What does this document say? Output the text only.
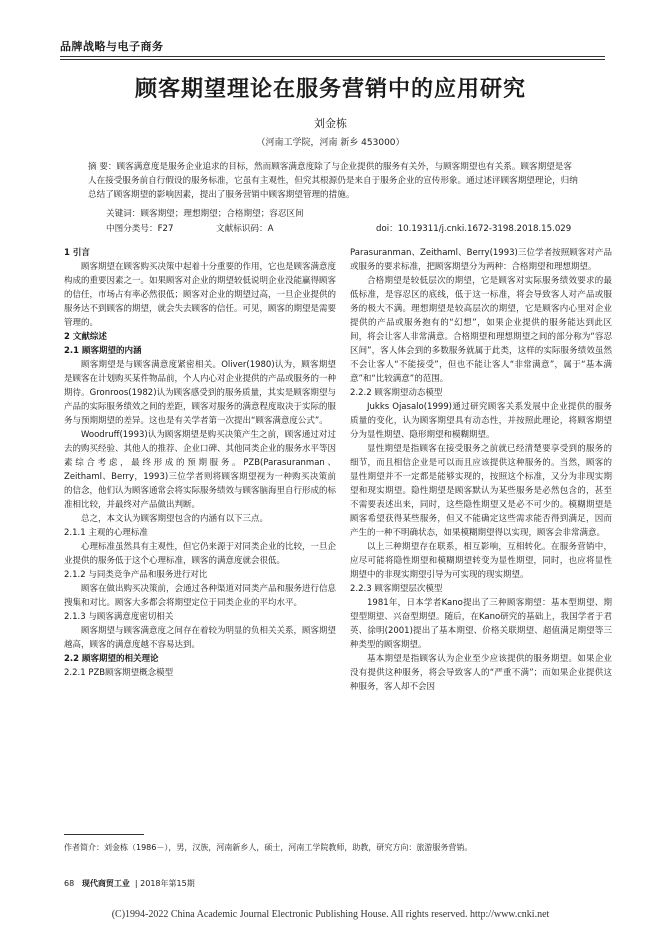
品牌战略与电子商务
顾客期望理论在服务营销中的应用研究
刘金栋
（河南工学院，河南 新乡 453000）
摘 要：顾客满意度是服务企业追求的目标，然而顾客满意度除了与企业提供的服务有关外，与顾客期望也有关系。顾客期望是客人在接受服务前自行假设的服务标准，它虽有主观性，但究其根源仍是来自于服务企业的宣传形象。通过述评顾客期望理论，归纳总结了顾客期望的影响因素，提出了服务营销中顾客期望管理的措施。
关键词：顾客期望；理想期望；合格期望；容忍区间
中图分类号：F27	文献标识码：A	doi：10.19311/j.cnki.1672-3198.2018.15.029

1 引言

顾客期望在顾客购买决策中起着十分重要的作用，它也是顾客满意度构成的重要因素之一。如果顾客对企业的期望较低说明企业没能赢得顾客的信任，市场占有率必然很低；顾客对企业的期望过高，一旦企业提供的服务达不到顾客的期望，就会失去顾客的信任。可见，顾客的期望是需要管理的。

2 文献综述

2.1 顾客期望的内涵

顾客期望是与顾客满意度紧密相关。Oliver(1980)认为，顾客期望是顾客在计划购买某件物品前，个人内心对企业提供的产品或服务的一种期待。Gronroos(1982)认为顾客感受到的服务质量，其实是顾客期望与产品的实际服务绩效之间的差距，顾客对服务的满意程度取决于实际的服务与预期期望的差异。这也是有关学者第一次提出“顾客满意度公式”。

Woodruff(1993)认为顾客期望是购买决策产生之前，顾客通过对过去的购买经验、其他人的推荐、企业口碑、其他同类企业的服务水平等因素综合考虑，最终形成的预期服务。PZB(Parasuranman、Zeithaml、Berry，1993)三位学者则将顾客期望视为一种购买决策前的信念，他们认为顾客通常会将实际服务绩效与顾客脑海里自行形成的标准相比较，并最终对产品做出判断。

总之，本文认为顾客期望包含的内涵有以下三点。

2.1.1 主观的心理标准

心理标准虽然具有主观性，但它仍来源于对同类企业的比较，一旦企业提供的服务低于这个心理标准，顾客的满意度就会很低。

2.1.2 与同类竞争产品和服务进行对比

顾客在做出购买决策前，会通过各种渠道对同类产品和服务进行信息搜集和对比。顾客大多都会将期望定位于同类企业的平均水平。

2.1.3 与顾客满意度密切相关

顾客期望与顾客满意度之间存在着较为明显的负相关关系，顾客期望越高，顾客的满意度越不容易达到。

2.2 顾客期望的相关理论

2.2.1 PZB顾客期望概念模型

Parasuranman、Zeithaml、Berry(1993)三位学者按照顾客对产品或服务的要求标准，把顾客期望分为两种：合格期望和理想期望。

合格期望是较低层次的期望，它是顾客对实际服务绩效要求的最低标准，是容忍区的底线，低于这一标准，将会导致客人对产品或服务的极大不满。理想期望是较高层次的期望，它是顾客内心里对企业提供的产品或服务抱有的“幻想”，如果企业提供的服务能达到此区间，将会让客人非常满意。合格期望和理想期望之间的部分称为“容忍区间”，客人体会到的多数服务就属于此类，这样的实际服务绩效虽然不会让客人“不能接受”，但也不能让客人“非常满意”，属于“基本满意”和“比较满意”的范围。

2.2.2 顾客期望动态模型

Jukks Ojasalo(1999)通过研究顾客关系发展中企业提供的服务质量的变化，认为顾客期望具有动态性，并按照此理论，将顾客期望分为显性期望、隐形期望和模糊期望。

显性期望是指顾客在接受服务之前就已经清楚要享受到的服务的细节，而且相信企业是可以而且应该提供这种服务的。当然，顾客的显性期望并不一定都是能够实现的，按照这个标准，又分为非现实期望和现实期望。隐性期望是顾客默认为某些服务是必然包含的，甚至不需要表述出来，同时，这些隐性期望又是必不可少的。模糊期望是顾客希望获得某些服务，但又不能确定这些需求能否得到满足，因而产生的一种不明确状态，如果模糊期望得以实现，顾客会非常满意。

以上三种期望存在联系，相互影响，互相转化。在服务营销中，应尽可能将隐性期望和模糊期望转变为显性期望，同时，也应将显性期望中的非现实期望引导为可实现的现实期望。

2.2.3 顾客期望层次模型

1981年，日本学者Kano提出了三种顾客期望：基本型期望、期望型期望、兴奋型期望。随后，在Kano研究的基础上，我国学者于君英、徐明(2001)提出了基本期望、价格关联期望、超值满足期望等三种类型的顾客期望。

基本期望是指顾客认为企业至少应该提供的服务期望。如果企业没有提供这种服务，将会导致客人的“严重不满”；而如果企业提供这种服务，客人却不会因

作者简介：刘金栋（1986－），男，汉族，河南新乡人，硕士，河南工学院教师，助教，研究方向：旅游服务营销。
68 现代商贸工业  | 2018年第15期
(C)1994-2022 China Academic Journal Electronic Publishing House. All rights reserved. http://www.cnki.net
